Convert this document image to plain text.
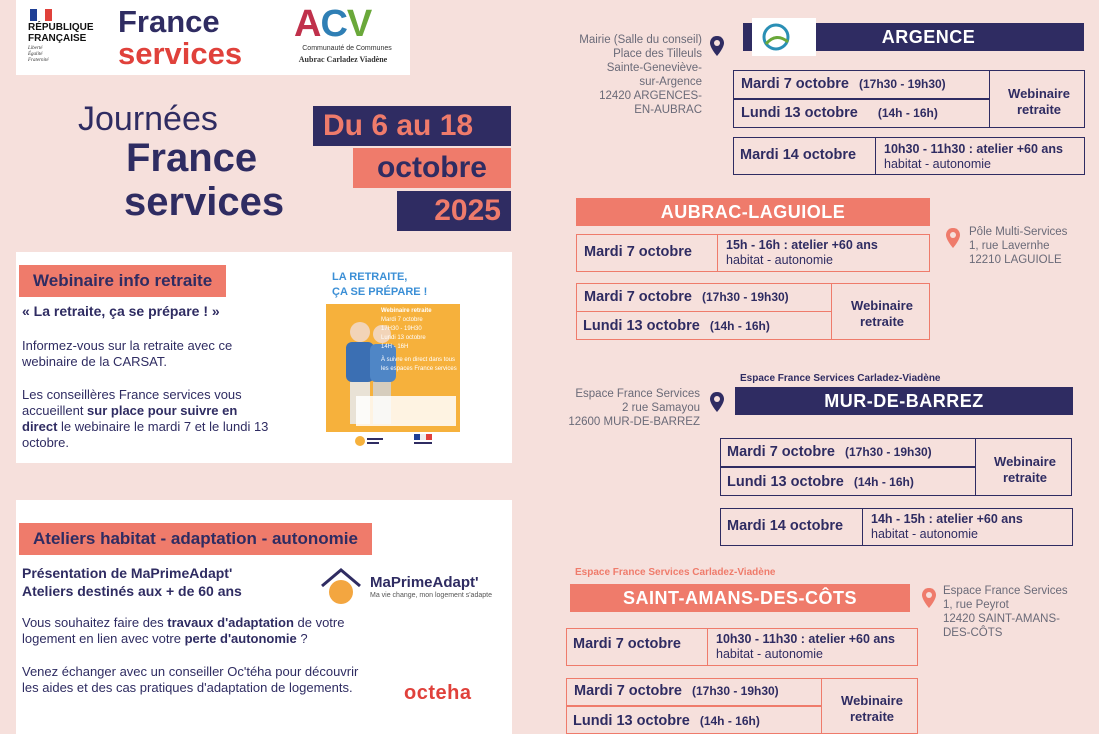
RÉPUBLIQUE
FRANÇAISE
Liberté
Égalité
Fraternité
France
services
ACV
Communauté de Communes
Aubrac Carladez Viadène
Journées
France
services
Du 6 au 18
octobre
2025
Webinaire info retraite
« La retraite, ça se prépare ! »
Informez-vous sur la retraite avec ce webinaire de la CARSAT.
Les conseillères France services vous accueillent sur place pour suivre en direct le webinaire le mardi 7 et le lundi 13 octobre.
LA RETRAITE,
ÇA SE PRÉPARE !
Webinaire retraite
Mardi 7 octobre
17H30 - 19H30
Lundi 13 octobre
14H - 16H
À suivre en direct dans tous les espaces France services
Ateliers habitat - adaptation - autonomie
Présentation de MaPrimeAdapt'
Ateliers destinés aux + de 60 ans
Vous souhaitez faire des travaux d'adaptation de votre logement en lien avec votre perte d'autonomie ?
Venez échanger avec un conseiller Oc'téha pour découvrir les aides et des cas pratiques d'adaptation de logements.
MaPrimeAdapt'
Ma vie change, mon logement s'adapte
octeha
Mairie (Salle du conseil)
Place des Tilleuls
Sainte-Geneviève-
sur-Argence
12420 ARGENCES-
EN-AUBRAC
ARGENCE
Mardi 7 octobre (17h30 - 19h30)
Lundi 13 octobre (14h - 16h)
Webinaire retraite
Mardi 14 octobre 10h30 - 11h30 : atelier +60 ans
habitat - autonomie
AUBRAC-LAGUIOLE
Pôle Multi-Services
1, rue Lavernhe
12210 LAGUIOLE
Mardi 7 octobre	15h - 16h : atelier +60 ans
habitat - autonomie
Mardi 7 octobre (17h30 - 19h30)
Lundi 13 octobre (14h - 16h)
Webinaire retraite
Espace France Services Carladez-Viadène
MUR-DE-BARREZ
Espace France Services
2 rue Samayou
12600 MUR-DE-BARREZ
Mardi 7 octobre (17h30 - 19h30)
Lundi 13 octobre (14h - 16h)
Webinaire retraite
Mardi 14 octobre 14h - 15h : atelier +60 ans
habitat - autonomie
Espace France Services Carladez-Viadène
SAINT-AMANS-DES-CÔTS	Espace France Services
1, rue Peyrot
12420 SAINT-AMANS-
DES-CÔTS
Mardi 7 octobre	10h30 - 11h30 : atelier +60 ans
habitat - autonomie
Mardi 7 octobre (17h30 - 19h30)
Lundi 13 octobre (14h - 16h)
Webinaire retraite
